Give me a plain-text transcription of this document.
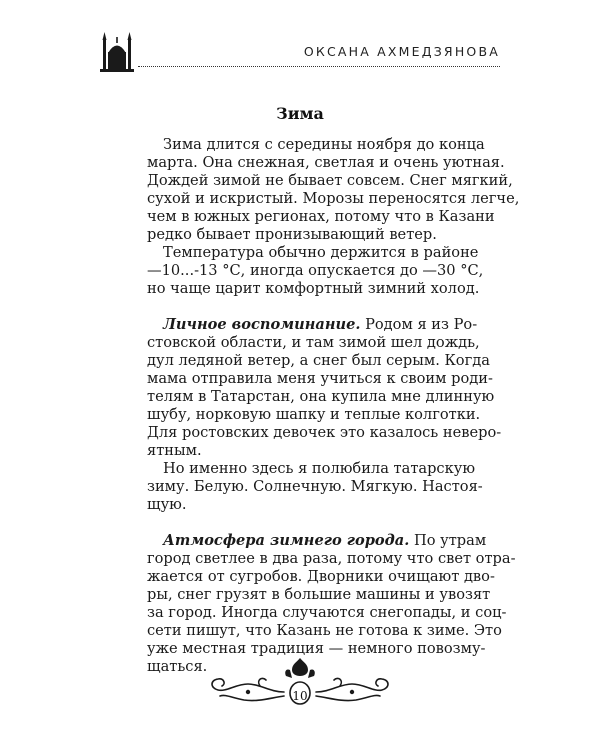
ОКСАНА АХМЕДЗЯНОВА
Зима
Зима длится с середины ноября до конца
марта. Она снежная, светлая и очень уютная.
Дождей зимой не бывает совсем. Снег мягкий,
сухой и искристый. Морозы переносятся легче,
чем в южных регионах, потому что в Казани
редко бывает пронизывающий ветер.
Температура обычно держится в районе
—10...-13 °С, иногда опускается до —30 °С,
но чаще царит комфортный зимний холод.
Личное воспоминание. Родом я из Ро-
стовской области, и там зимой шел дождь,
дул ледяной ветер, а снег был серым. Когда
мама отправила меня учиться к своим роди-
телям в Татарстан, она купила мне длинную
шубу, норковую шапку и теплые колготки.
Для ростовских девочек это казалось неверо-
ятным.
Но именно здесь я полюбила татарскую
зиму. Белую. Солнечную. Мягкую. Настоя-
щую.
Атмосфера зимнего города. По утрам
город светлее в два раза, потому что свет отра-
жается от сугробов. Дворники очищают дво-
ры, снег грузят в большие машины и увозят
за город. Иногда случаются снегопады, и соц-
сети пишут, что Казань не готова к зиме. Это
уже местная традиция — немного повозму-
щаться.
10
